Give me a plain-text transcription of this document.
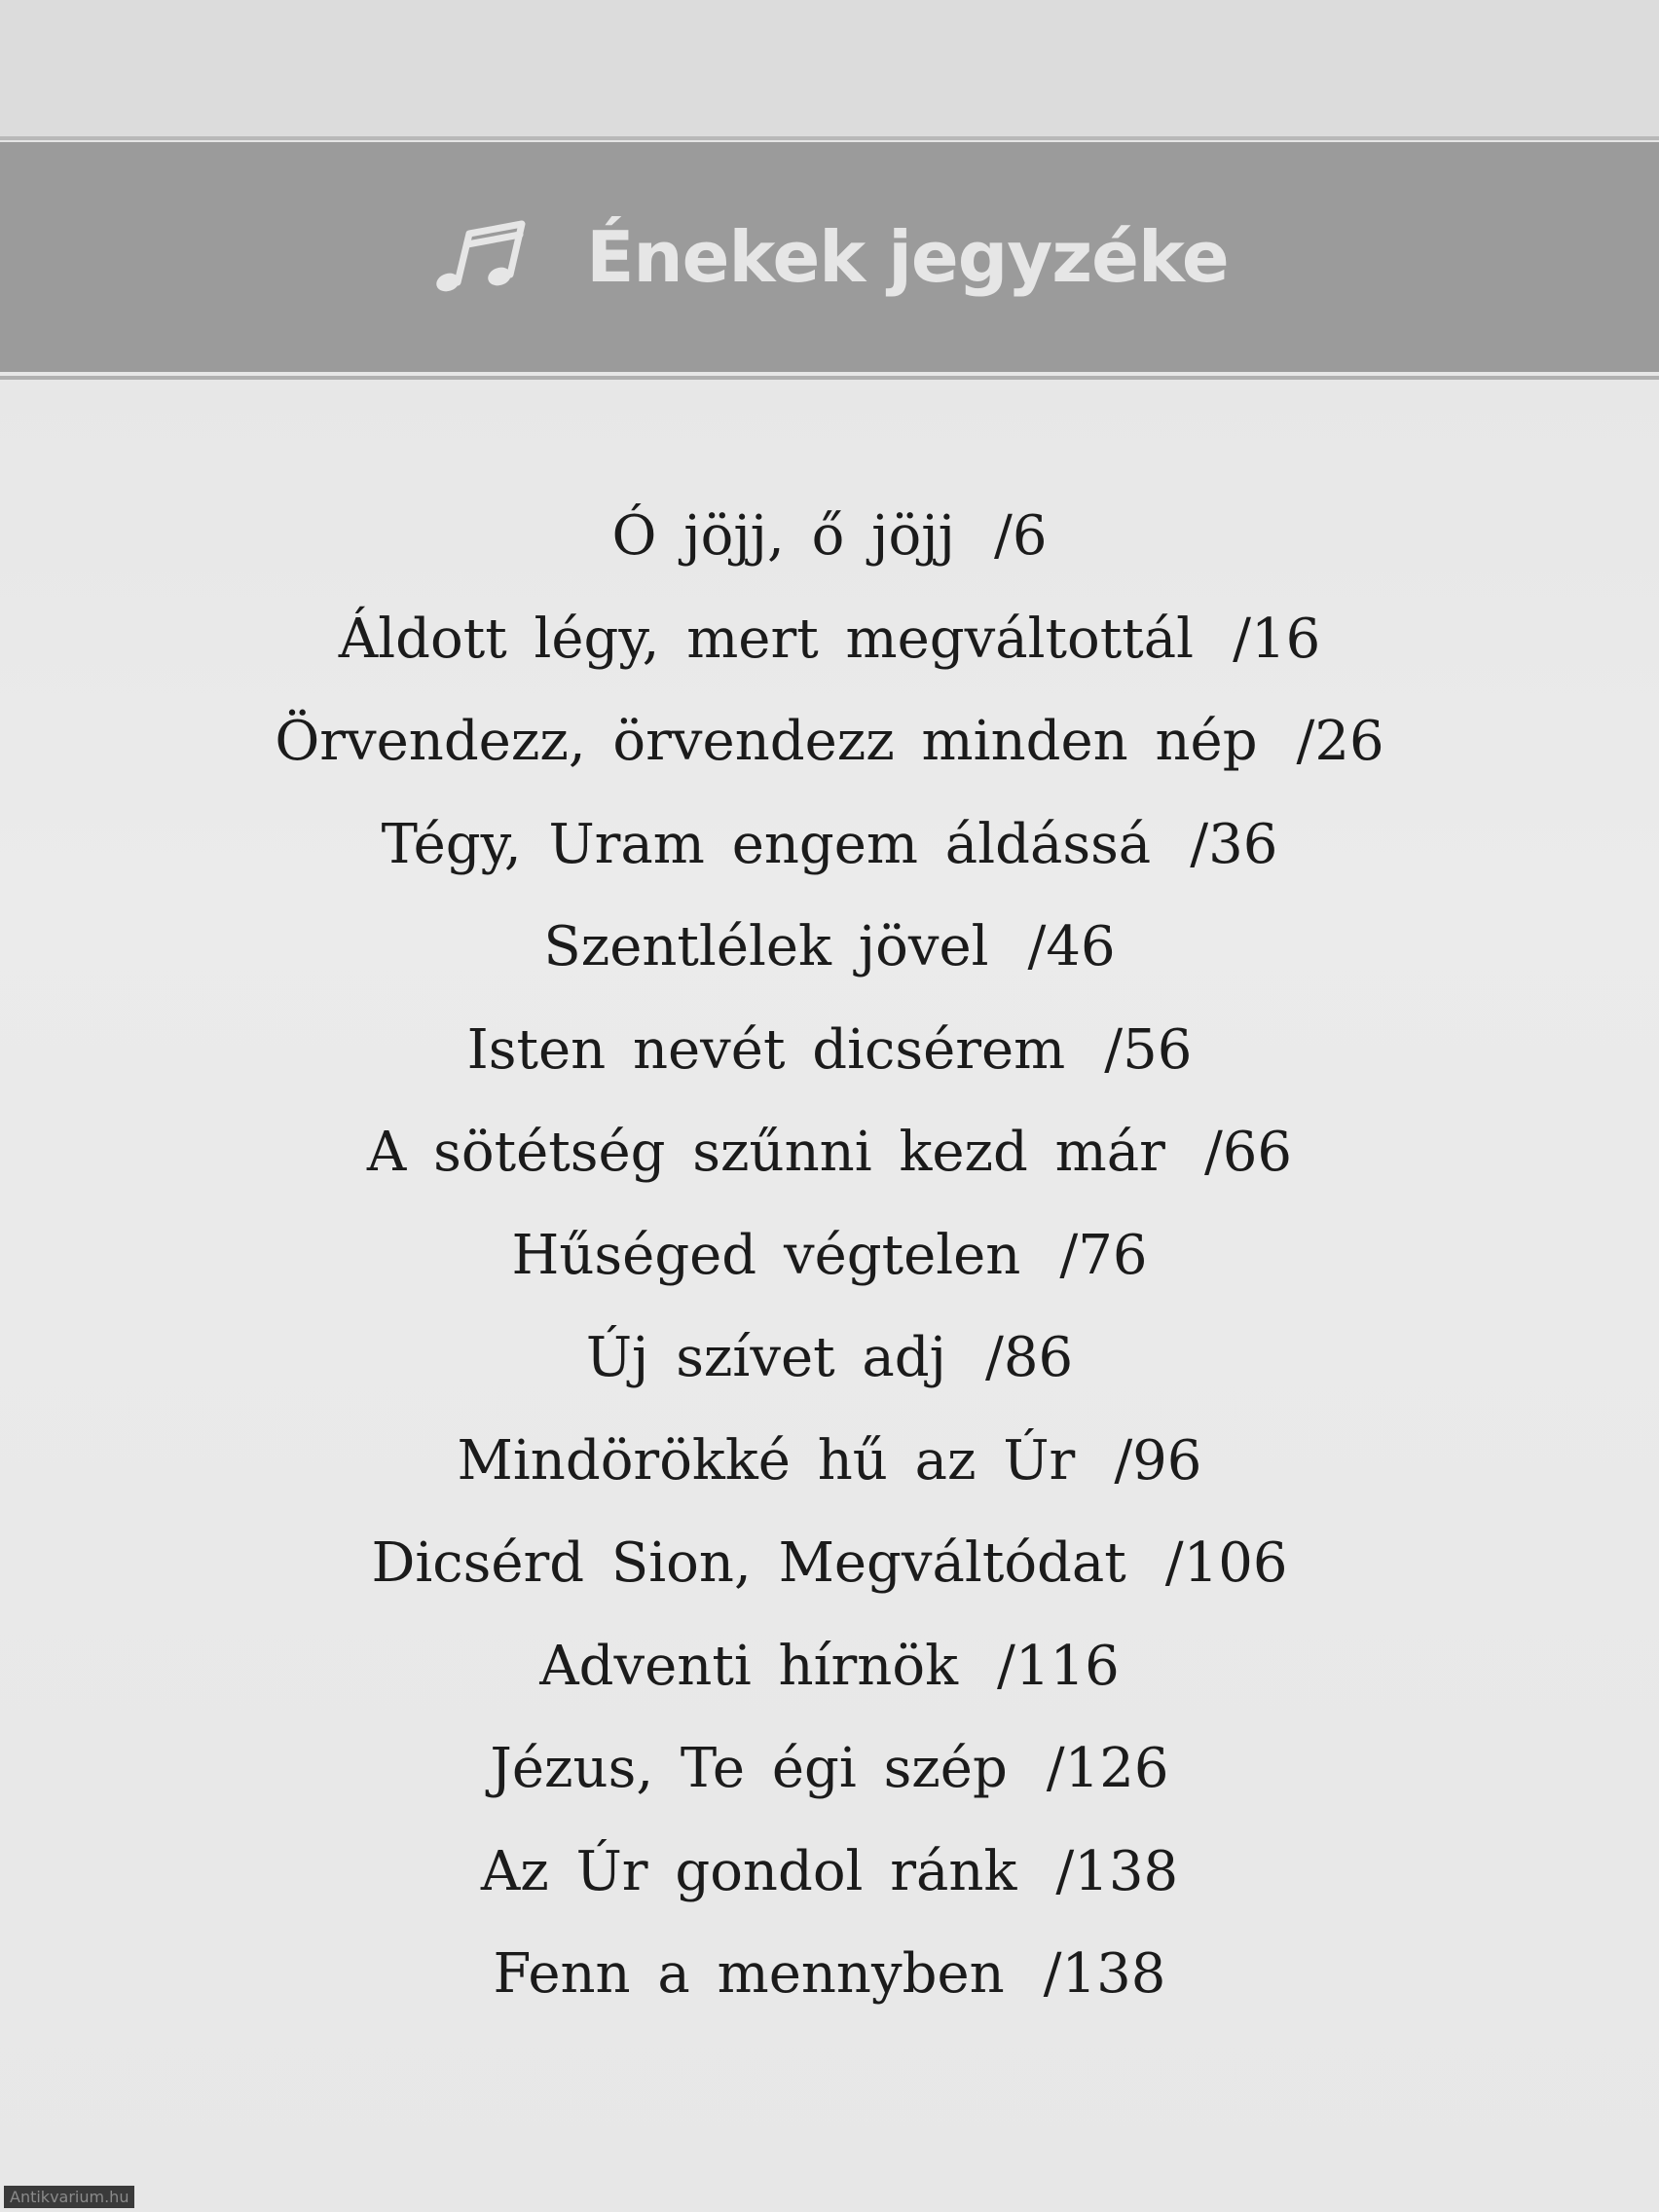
Énekek jegyzéke
Ó jöjj, ő jöjj /6
Áldott légy, mert megváltottál /16
Örvendezz, örvendezz minden nép /26
Tégy, Uram engem áldássá /36
Szentlélek jövel /46
Isten nevét dicsérem /56
A sötétség szűnni kezd már /66
Hűséged végtelen /76
Új szívet adj /86
Mindörökké hű az Úr /96
Dicsérd Sion, Megváltódat /106
Adventi hírnök /116
Jézus, Te égi szép /126
Az Úr gondol ránk /138
Fenn a mennyben /138
Antikvarium.hu
